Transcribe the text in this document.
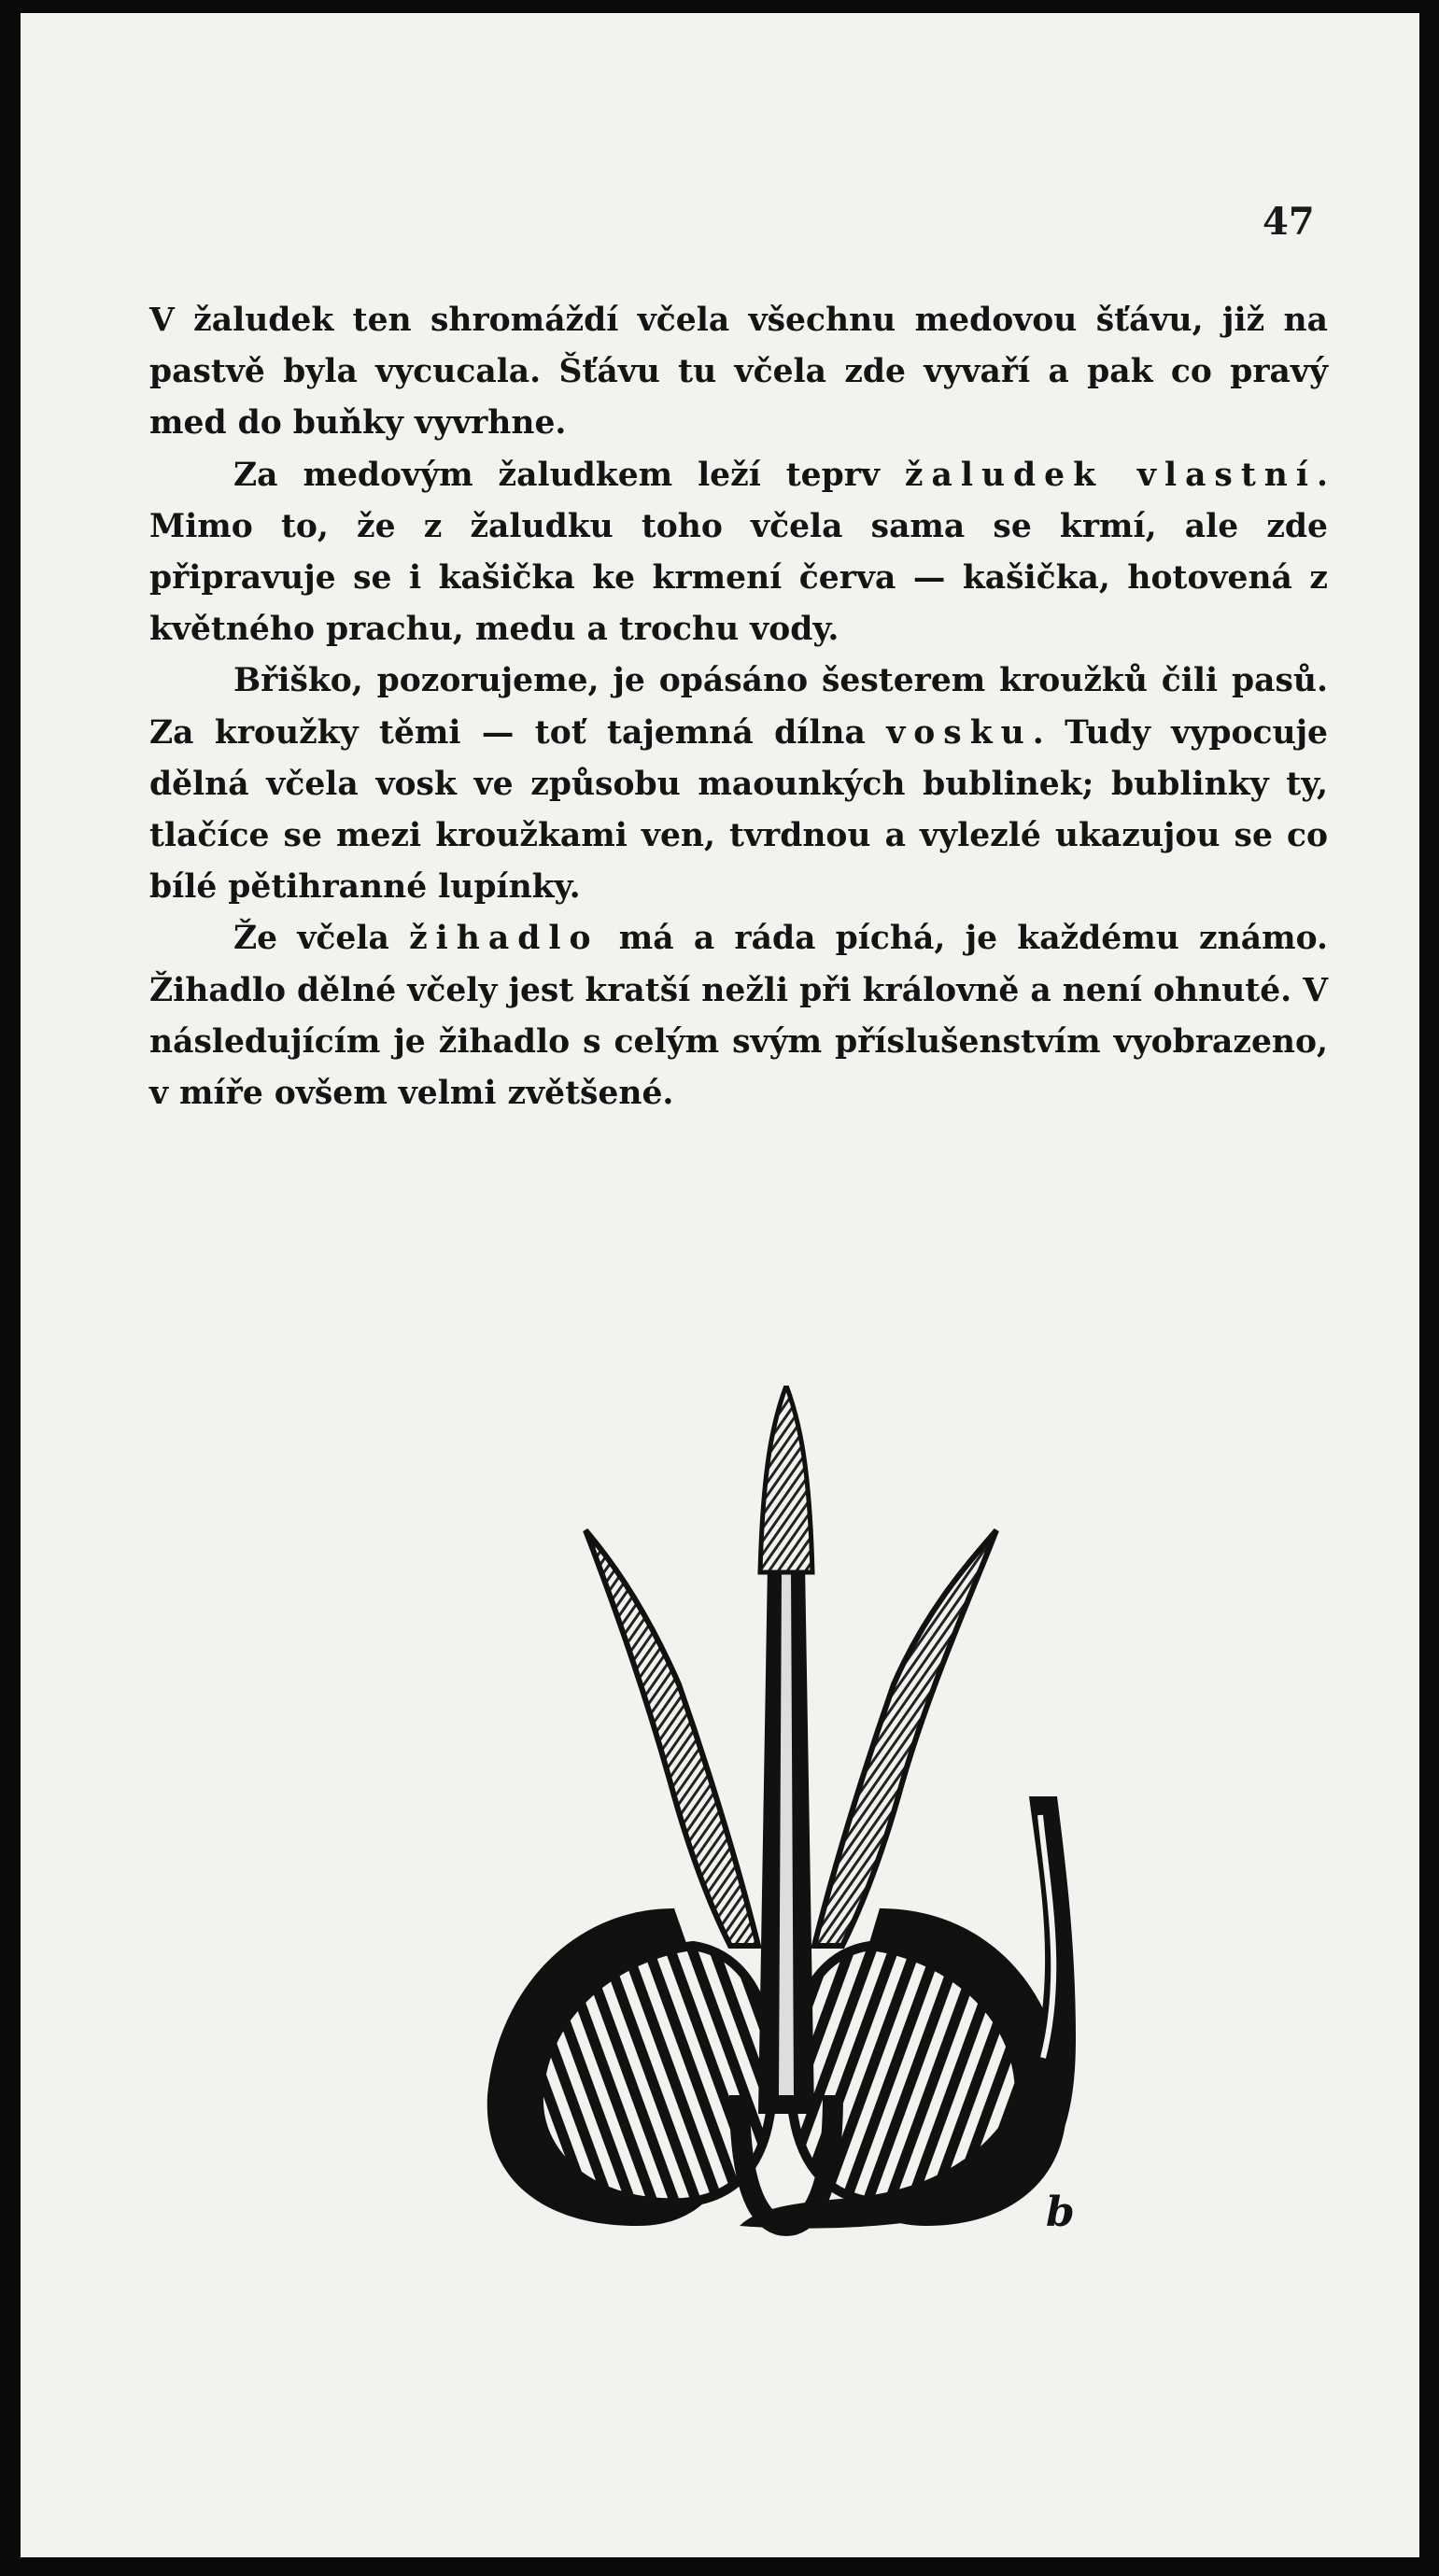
47

V žaludek ten shromáždí včela všechnu medovou šťávu, již na pastvě byla vycucala. Šťávu tu včela zde vyvaří a pak co pravý med do buňky vyvrhne.

Za medovým žaludkem leží teprv žaludek vlastní. Mimo to, že z žaludku toho včela sama se krmí, ale zde připravuje se i kašička ke krmení červa — kašička, hotovená z květného prachu, medu a trochu vody.

Břiško, pozorujeme, je opásáno šesterem kroužků čili pasů. Za kroužky těmi — toť tajemná dílna vosku. Tudy vypocuje dělná včela vosk ve způsobu maounkých bublinek; bublinky ty, tlačíce se mezi kroužkami ven, tvrdnou a vylezlé ukazujou se co bílé pětihranné lupínky.

Že včela žihadlo má a ráda píchá, je každému známo. Žihadlo dělné včely jest kratší nežli při královně a není ohnuté. V následujícím je žihadlo s celým svým příslušenstvím vyobrazeno, v míře ovšem velmi zvětšené.

b
